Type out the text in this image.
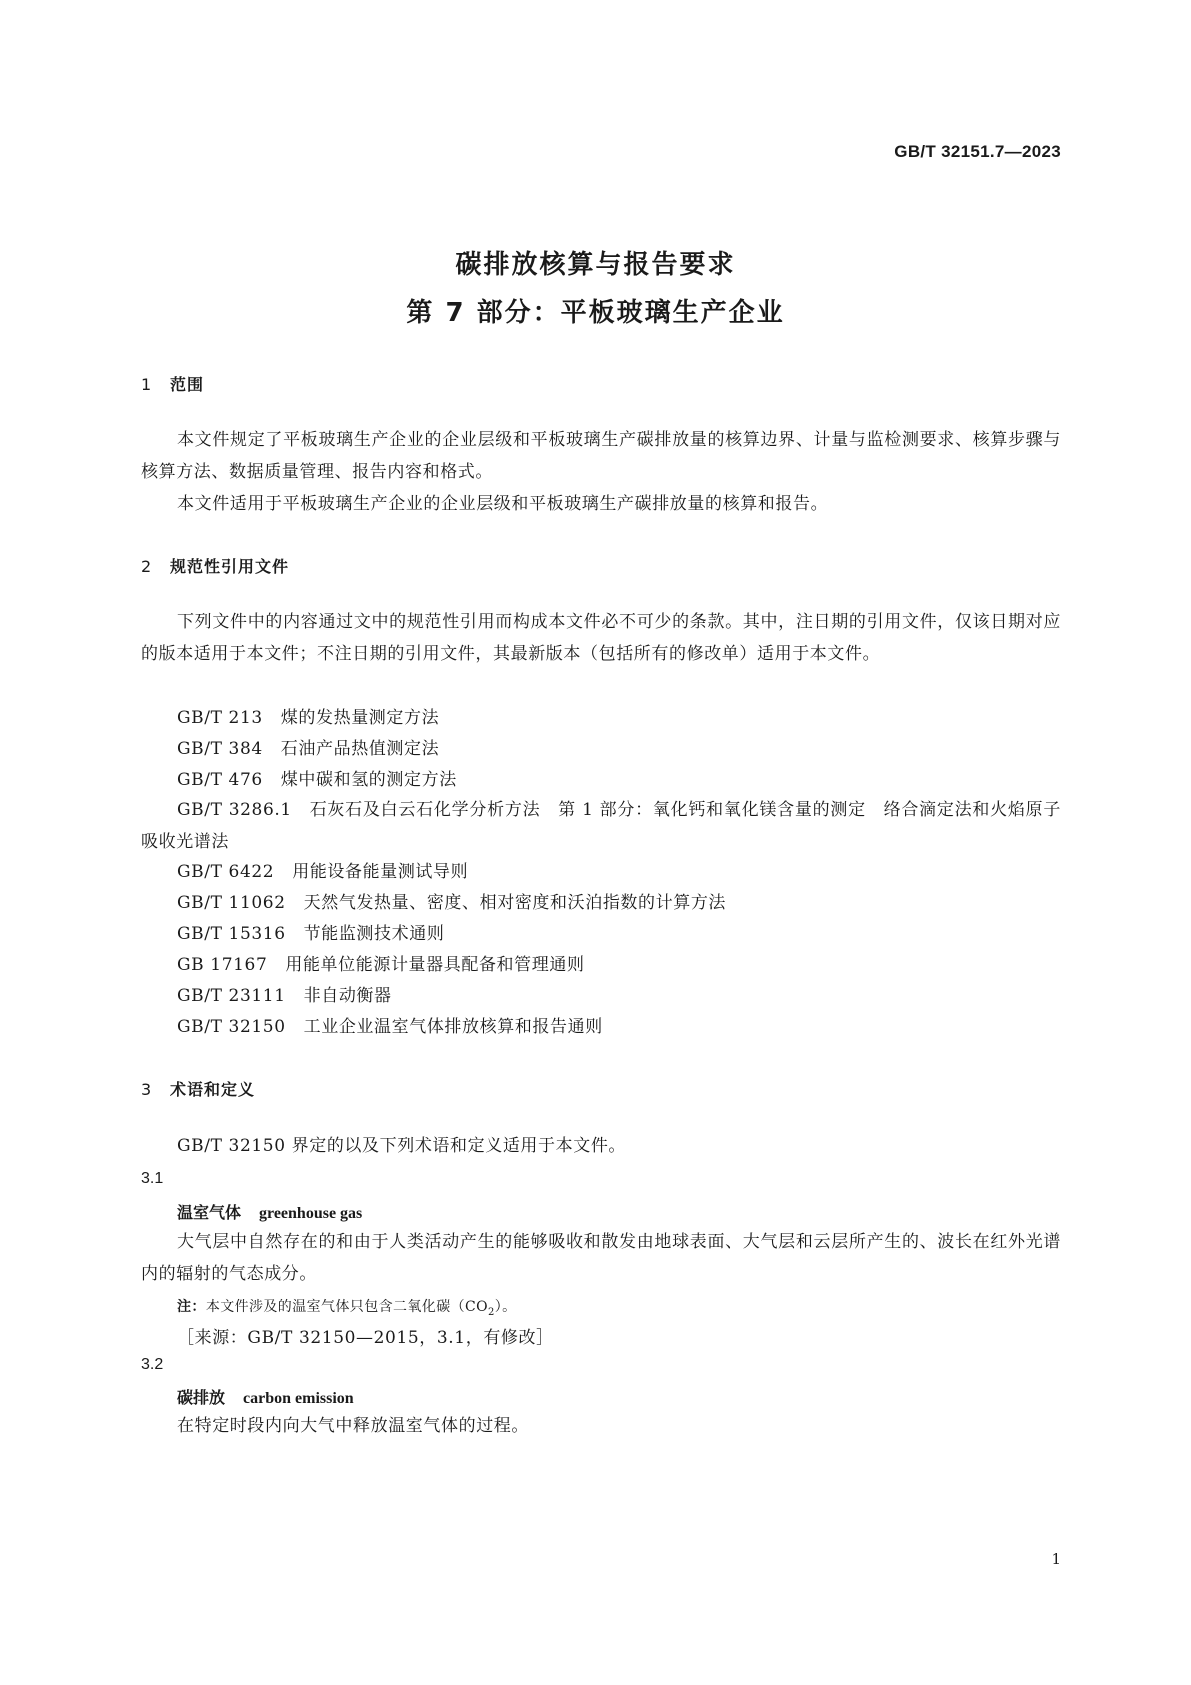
GB/T 32151.7—2023
碳排放核算与报告要求
第 7 部分：平板玻璃生产企业
1 范围
本文件规定了平板玻璃生产企业的企业层级和平板玻璃生产碳排放量的核算边界、计量与监检测要求、核算步骤与核算方法、数据质量管理、报告内容和格式。
本文件适用于平板玻璃生产企业的企业层级和平板玻璃生产碳排放量的核算和报告。
2 规范性引用文件
下列文件中的内容通过文中的规范性引用而构成本文件必不可少的条款。其中，注日期的引用文件，仅该日期对应的版本适用于本文件；不注日期的引用文件，其最新版本（包括所有的修改单）适用于本文件。
GB/T 213 煤的发热量测定方法
GB/T 384 石油产品热值测定法
GB/T 476 煤中碳和氢的测定方法
GB/T 3286.1　 石灰石及白云石化学分析方法　第 1 部分：氧化钙和氧化镁含量的测定　络合滴定法和火焰原子吸收光谱法
GB/T 6422 用能设备能量测试导则
GB/T 11062 天然气发热量、密度、相对密度和沃泊指数的计算方法
GB/T 15316 节能监测技术通则
GB 17167 用能单位能源计量器具配备和管理通则
GB/T 23111 非自动衡器
GB/T 32150 工业企业温室气体排放核算和报告通则
3 术语和定义
GB/T 32150 界定的以及下列术语和定义适用于本文件。
3.1
温室气体 greenhouse gas
大气层中自然存在的和由于人类活动产生的能够吸收和散发由地球表面、大气层和云层所产生的、波长在红外光谱内的辐射的气态成分。
注：本文件涉及的温室气体只包含二氧化碳$(CO_2)$。
［来源：GB/T 32150—2015，3.1，有修改］
3.2
碳排放 carbon emission
在特定时段内向大气中释放温室气体的过程。
1
